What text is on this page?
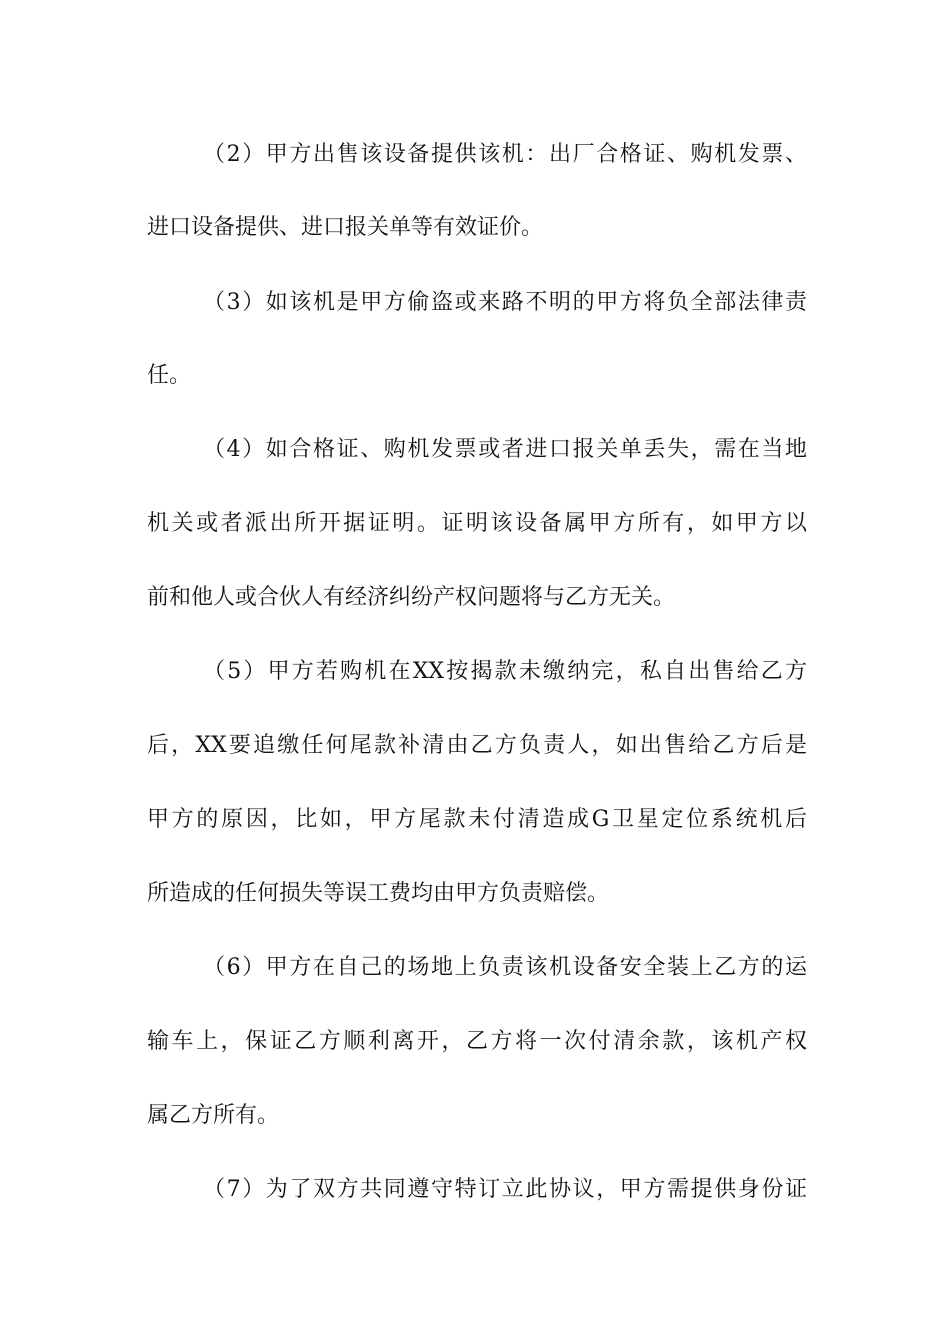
（2）甲方出售该设备提供该机：出厂合格证、购机发票、
进口设备提供、进口报关单等有效证价。
（3）如该机是甲方偷盗或来路不明的甲方将负全部法律责
任。
（4）如合格证、购机发票或者进口报关单丢失，需在当地
机关或者派出所开据证明。证明该设备属甲方所有，如甲方以
前和他人或合伙人有经济纠纷产权问题将与乙方无关。
（5）甲方若购机在XX按揭款未缴纳完，私自出售给乙方
后，XX要追缴任何尾款补清由乙方负责人，如出售给乙方后是
甲方的原因，比如，甲方尾款未付清造成G卫星定位系统机后
所造成的任何损失等误工费均由甲方负责赔偿。
（6）甲方在自己的场地上负责该机设备安全装上乙方的运
输车上，保证乙方顺利离开，乙方将一次付清余款，该机产权
属乙方所有。
（7）为了双方共同遵守特订立此协议，甲方需提供身份证
